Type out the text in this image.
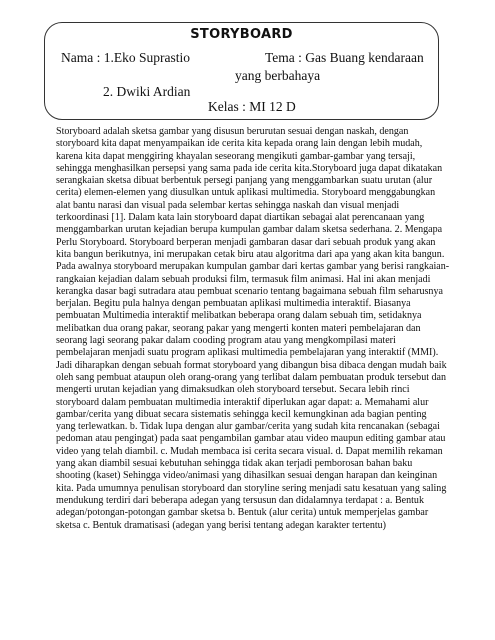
STORYBOARD
Nama : 1.Eko Suprastio	Tema : Gas Buang kendaraan
yang berbahaya
2. Dwiki Ardian
Kelas : MI 12 D
Storyboard adalah sketsa gambar yang disusun berurutan sesuai dengan naskah, dengan
storyboard kita dapat menyampaikan ide cerita kita kepada orang lain dengan lebih mudah,
karena kita dapat menggiring khayalan seseorang mengikuti gambar-gambar yang tersaji,
sehingga menghasilkan persepsi yang sama pada ide cerita kita.Storyboard juga dapat dikatakan
serangkaian sketsa dibuat berbentuk persegi panjang yang menggambarkan suatu urutan (alur
cerita) elemen-elemen yang diusulkan untuk aplikasi multimedia. Storyboard menggabungkan
alat bantu narasi dan visual pada selembar kertas sehingga naskah dan visual menjadi
terkoordinasi [1]. Dalam kata lain storyboard dapat diartikan sebagai alat perencanaan yang
menggambarkan urutan kejadian berupa kumpulan gambar dalam sketsa sederhana. 2. Mengapa
Perlu Storyboard. Storyboard berperan menjadi gambaran dasar dari sebuah produk yang akan
kita bangun berikutnya, ini merupakan cetak biru atau algoritma dari apa yang akan kita bangun.
Pada awalnya storyboard merupakan kumpulan gambar dari kertas gambar yang berisi rangkaian-
rangkaian kejadian dalam sebuah produksi film, termasuk film animasi. Hal ini akan menjadi
kerangka dasar bagi sutradara atau pembuat scenario tentang bagaimana sebuah film seharusnya
berjalan. Begitu pula halnya dengan pembuatan aplikasi multimedia interaktif. Biasanya
pembuatan Multimedia interaktif melibatkan beberapa orang dalam sebuah tim, setidaknya
melibatkan dua orang pakar, seorang pakar yang mengerti konten materi pembelajaran dan
seorang lagi seorang pakar dalam cooding program atau yang mengkompilasi materi
pembelajaran menjadi suatu program aplikasi multimedia pembelajaran yang interaktif (MMI).
Jadi diharapkan dengan sebuah format storyboard yang dibangun bisa dibaca dengan mudah baik
oleh sang pembuat ataupun oleh orang-orang yang terlibat dalam pembuatan produk tersebut dan
mengerti urutan kejadian yang dimaksudkan oleh storyboard tersebut. Secara lebih rinci
storyboard dalam pembuatan multimedia interaktif diperlukan agar dapat: a. Memahami alur
gambar/cerita yang dibuat secara sistematis sehingga kecil kemungkinan ada bagian penting
yang terlewatkan. b. Tidak lupa dengan alur gambar/cerita yang sudah kita rencanakan (sebagai
pedoman atau pengingat) pada saat pengambilan gambar atau video maupun editing gambar atau
video yang telah diambil. c. Mudah membaca isi cerita secara visual. d. Dapat memilih rekaman
yang akan diambil sesuai kebutuhan sehingga tidak akan terjadi pemborosan bahan baku
shooting (kaset) Sehingga video/animasi yang dihasilkan sesuai dengan harapan dan keinginan
kita. Pada umumnya penulisan storyboard dan storyline sering menjadi satu kesatuan yang saling
mendukung terdiri dari beberapa adegan yang tersusun dan didalamnya terdapat : a. Bentuk
adegan/potongan-potongan gambar sketsa b. Bentuk (alur cerita) untuk memperjelas gambar
sketsa c. Bentuk dramatisasi (adegan yang berisi tentang adegan karakter tertentu)
